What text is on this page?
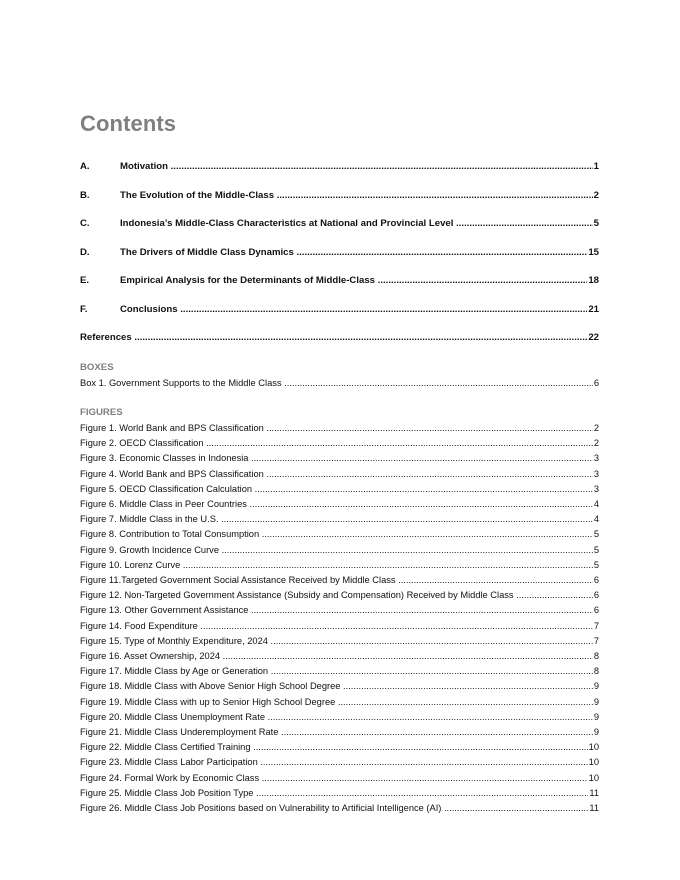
Contents
A.	Motivation .....	1
B.	The Evolution of the Middle-Class .....	2
C.	Indonesia’s Middle-Class Characteristics at National and Provincial Level .....	5
D.	The Drivers of Middle Class Dynamics .....	15
E.	Empirical Analysis for the Determinants of Middle-Class .....	18
F.	Conclusions .....	21
References .....	22
BOXES
Box 1. Government Supports to the Middle Class .....	6
FIGURES
Figure 1. World Bank and BPS Classification .....	2
Figure 2. OECD Classification .....	2
Figure 3. Economic Classes in Indonesia .....	3
Figure 4. World Bank and BPS Classification .....	3
Figure 5. OECD Classification Calculation .....	3
Figure 6. Middle Class in Peer Countries .....	4
Figure 7. Middle Class in the U.S. .....	4
Figure 8. Contribution to Total Consumption .....	5
Figure 9. Growth Incidence Curve .....	5
Figure 10. Lorenz Curve .....	5
Figure 11.Targeted Government Social Assistance Received by Middle Class .....	6
Figure 12. Non-Targeted Government Assistance (Subsidy and Compensation) Received by Middle Class .....	6
Figure 13. Other Government Assistance .....	6
Figure 14. Food Expenditure .....	7
Figure 15. Type of Monthly Expenditure, 2024 .....	7
Figure 16. Asset Ownership, 2024 .....	8
Figure 17. Middle Class by Age or Generation .....	8
Figure 18. Middle Class with Above Senior High School Degree .....	9
Figure 19. Middle Class with up to Senior High School Degree .....	9
Figure 20. Middle Class Unemployment Rate .....	9
Figure 21. Middle Class Underemployment Rate .....	9
Figure 22. Middle Class Certified Training .....	10
Figure 23. Middle Class Labor Participation .....	10
Figure 24. Formal Work by Economic Class .....	10
Figure 25. Middle Class Job Position Type .....	11
Figure 26. Middle Class Job Positions based on Vulnerability to Artificial Intelligence (AI) .....	11
